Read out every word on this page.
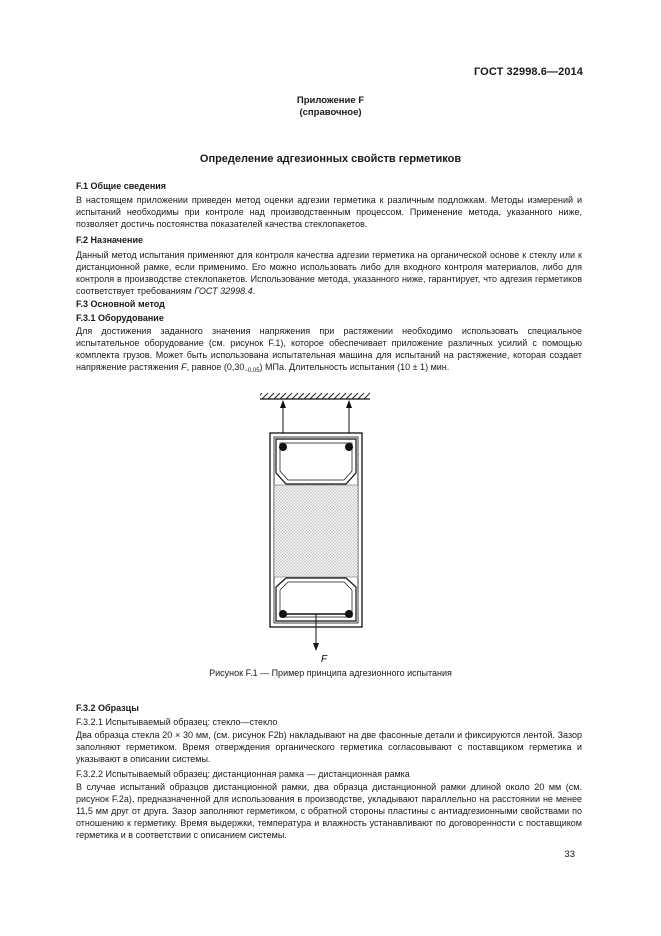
ГОСТ 32998.6—2014
Приложение F
(справочное)
Определение адгезионных свойств герметиков
F.1 Общие сведения

В настоящем приложении приведен метод оценки адгезии герметика к различным подложкам. Методы измерений и испытаний необходимы при контроле над производственным процессом. Применение метода, указанного ниже, позволяет достичь постоянства показателей качества стеклопакетов.

F.2 Назначение

Данный метод испытания применяют для контроля качества адгезии герметика на органической основе к стеклу или к дистанционной рамке, если применимо. Его можно использовать либо для входного контроля материалов, либо для контроля в производстве стеклопакетов. Использование метода, указанного ниже, гарантирует, что адгезия герметиков соответствует требованиям ГОСТ 32998.4.

F.3 Основной метод
F.3.1 Оборудование

Для достижения заданного значения напряжения при растяжении необходимо использовать специальное испытательное оборудование (см. рисунок F.1), которое обеспечивает приложение различных усилий с помощью комплекта грузов. Может быть использована испытательная машина для испытаний на растяжение, которая создает напряжение растяжения F, равное $(0,30_{-0,05})$ МПа. Длительность испытания (10 ± 1) мин.

F
Рисунок F.1 — Пример принципа адгезионного испытания
F.3.2 Образцы
F.3.2.1 Испытываемый образец: стекло—стекло

Два образца стекла 20 × 30 мм, (см. рисунок F2b) накладывают на две фасонные детали и фиксируются лентой. Зазор заполняют герметиком. Время отверждения органического герметика согласовывают с поставщиком герметика и указывают в описании системы.

F.3.2.2 Испытываемый образец: дистанционная рамка — дистанционная рамка

В случае испытаний образцов дистанционной рамки, два образца дистанционной рамки длиной около 20 мм (см. рисунок F.2a), предназначенной для использования в производстве, укладывают параллельно на расстоянии не менее 11,5 мм друг от друга. Зазор заполняют герметиком, с обратной стороны пластины с антиадгезионными свойствами по отношению к герметику. Время выдержки, температура и влажность устанавливают по договоренности с поставщиком герметика и в соответствии с описанием системы.

33
